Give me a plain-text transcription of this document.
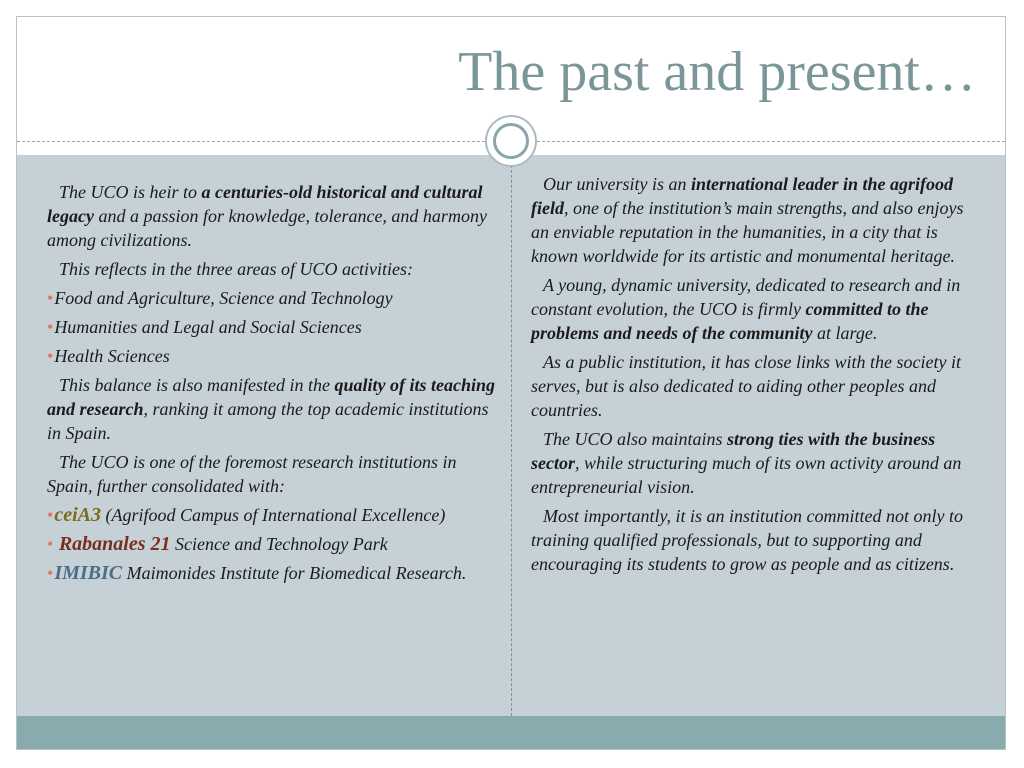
The past and present…

The UCO is heir to a centuries-old historical and cultural legacy and a passion for knowledge, tolerance, and harmony among civilizations.

This reflects in the three areas of UCO activities:

•Food and Agriculture, Science and Technology
•Humanities and Legal and Social Sciences
•Health Sciences

This balance is also manifested in the quality of its teaching and research, ranking it among the top academic institutions in Spain.

The UCO is one of the foremost research institutions in Spain, further consolidated with:

•ceiA3 (Agrifood Campus of International Excellence)
• Rabanales 21 Science and Technology Park
•IMIBIC Maimonides Institute for Biomedical Research.

Our university is an international leader in the agrifood field, one of the institution’s main strengths, and also enjoys an enviable reputation in the humanities, in a city that is known worldwide for its artistic and monumental heritage.

A young, dynamic university, dedicated to research and in constant evolution, the UCO is firmly committed to the problems and needs of the community at large.

As a public institution, it has close links with the society it serves, but is also dedicated to aiding other peoples and countries.

The UCO also maintains strong ties with the business sector, while structuring much of its own activity around an entrepreneurial vision.

Most importantly, it is an institution committed not only to training qualified professionals, but to supporting and encouraging its students to grow as people and as citizens.
